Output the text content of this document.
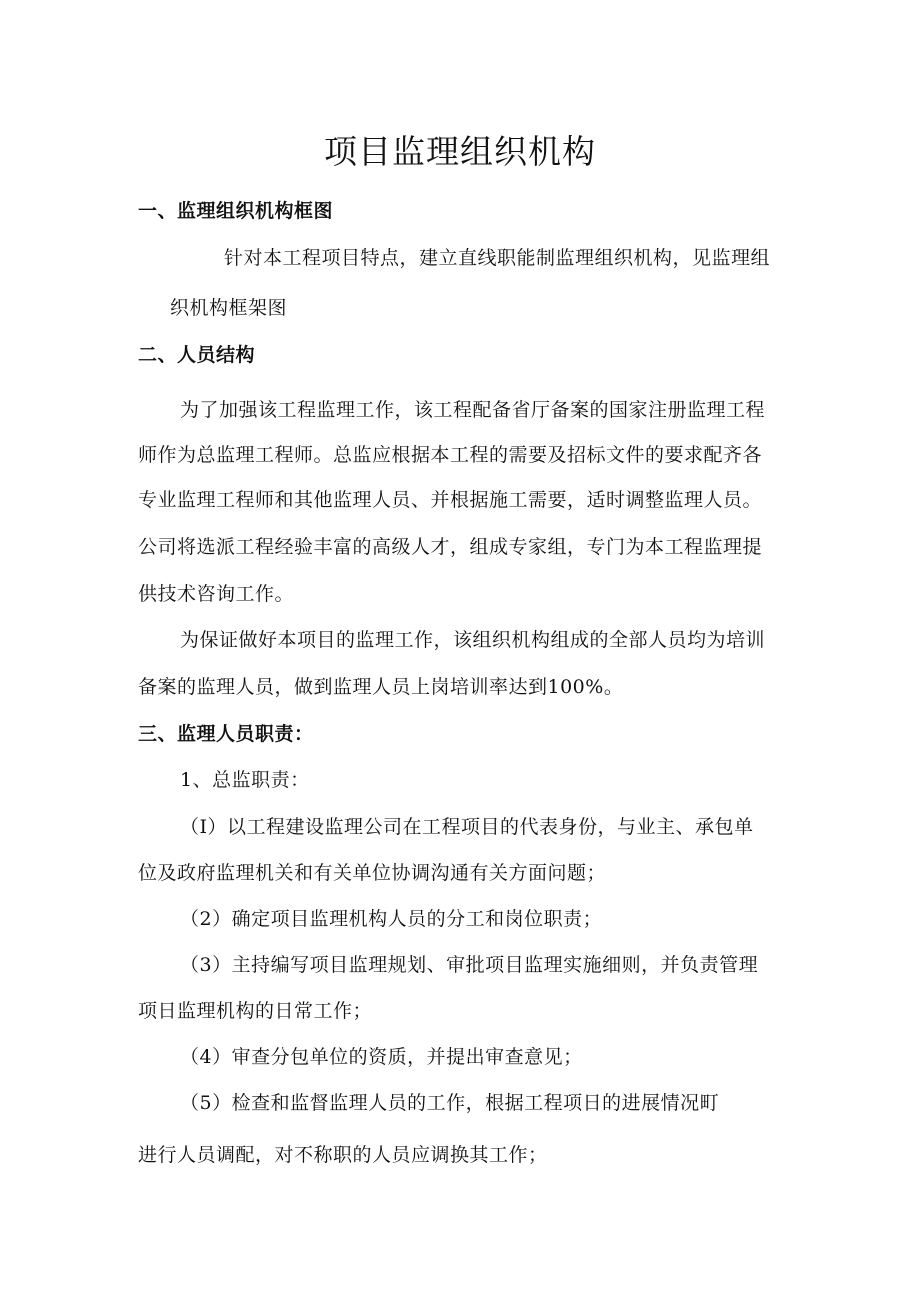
项目监理组织机构
一、监理组织机构框图
针对本工程项目特点，建立直线职能制监理组织机构，见监理组
织机构框架图
二、人员结构
为了加强该工程监理工作，该工程配备省厅备案的国家注册监理工程
师作为总监理工程师。总监应根据本工程的需要及招标文件的要求配齐各
专业监理工程师和其他监理人员、并根据施工需要，适时调整监理人员。
公司将选派工程经验丰富的高级人才，组成专家组，专门为本工程监理提
供技术咨询工作。
为保证做好本项目的监理工作，该组织机构组成的全部人员均为培训
备案的监理人员，做到监理人员上岗培训率达到100%。
三、监理人员职责：
1、总监职责：
（I）以工程建设监理公司在工程项目的代表身份，与业主、承包单
位及政府监理机关和有关单位协调沟通有关方面问题；
（2）确定项目监理机构人员的分工和岗位职责；
（3）主持编写项目监理规划、审批项目监理实施细则，并负责管理
项日监理机构的日常工作；
（4）审查分包单位的资质，并提出审查意见；
（5）检查和监督监理人员的工作，根据工程项日的进展情况町
进行人员调配，对不称职的人员应调换其工作；
